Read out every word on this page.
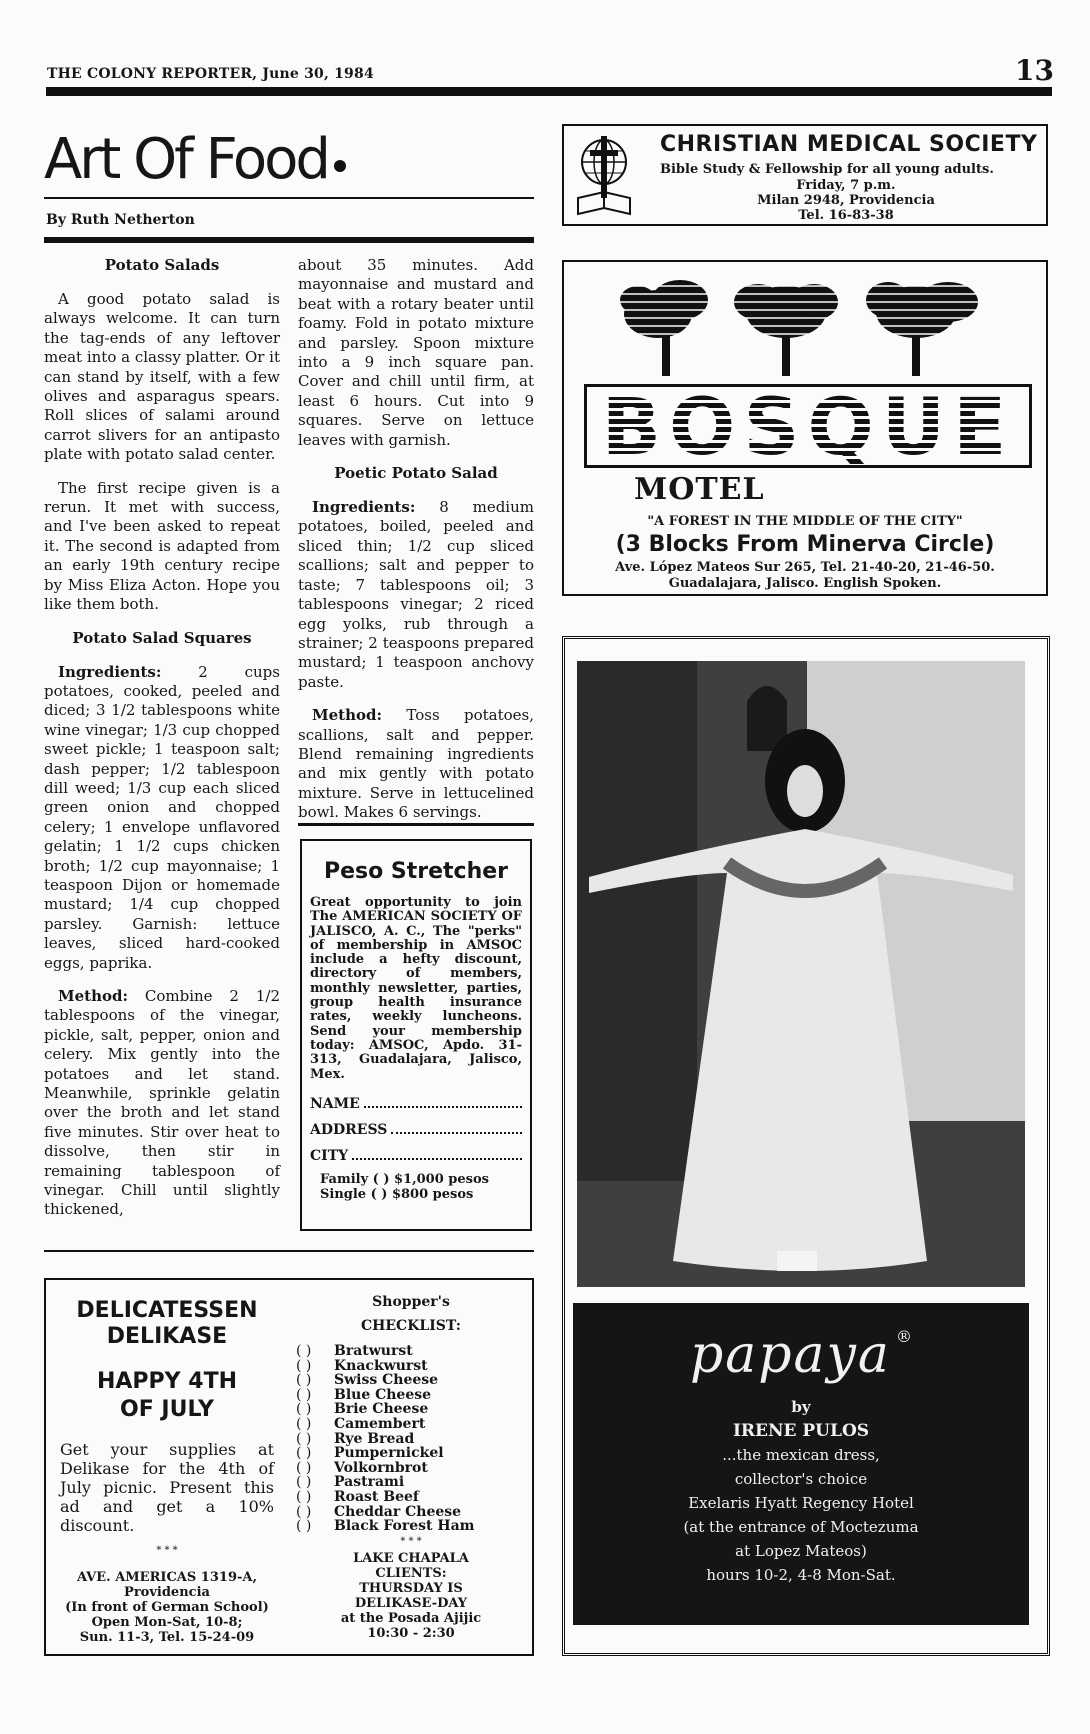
THE COLONY REPORTER, June 30, 1984	13
Art Of Food
By Ruth Netherton
Potato Salads
A good potato salad is always welcome. It can turn the tag-ends of any leftover meat into a classy platter. Or it can stand by itself, with a few olives and asparagus spears. Roll slices of salami around carrot slivers for an antipasto plate with potato salad center.
The first recipe given is a rerun. It met with success, and I've been asked to repeat it. The second is adapted from an early 19th century recipe by Miss Eliza Acton. Hope you like them both.
Potato Salad Squares
Ingredients: 2 cups potatoes, cooked, peeled and diced; 3 1/2 tablespoons white wine vinegar; 1/3 cup chopped sweet pickle; 1 teaspoon salt; dash pepper; 1/2 tablespoon dill weed; 1/3 cup each sliced green onion and chopped celery; 1 envelope unflavored gelatin; 1 1/2 cups chicken broth; 1/2 cup mayonnaise; 1 teaspoon Dijon or homemade mustard; 1/4 cup chopped parsley. Garnish: lettuce leaves, sliced hard-cooked eggs, paprika.
Method: Combine 2 1/2 tablespoons of the vinegar, pickle, salt, pepper, onion and celery. Mix gently into the potatoes and let stand. Meanwhile, sprinkle gelatin over the broth and let stand five minutes. Stir over heat to dissolve, then stir in remaining tablespoon of vinegar. Chill until slightly thickened,
about 35 minutes. Add mayonnaise and mustard and beat with a rotary beater until foamy. Fold in potato mixture and parsley. Spoon mixture into a 9 inch square pan. Cover and chill until firm, at least 6 hours. Cut into 9 squares. Serve on lettuce leaves with garnish.
Poetic Potato Salad
Ingredients: 8 medium potatoes, boiled, peeled and sliced thin; 1/2 cup sliced scallions; salt and pepper to taste; 7 tablespoons oil; 3 tablespoons vinegar; 2 riced egg yolks, rub through a strainer; 2 teaspoons prepared mustard; 1 teaspoon anchovy paste.
Method: Toss potatoes, scallions, salt and pepper. Blend remaining ingredients and mix gently with potato mixture. Serve in lettucelined bowl. Makes 6 servings.
Peso Stretcher
Great opportunity to join The AMERICAN SOCIETY OF JALISCO, A. C., The "perks" of membership in AMSOC include a hefty discount, directory of members, monthly newsletter, parties, group health insurance rates, weekly luncheons. Send your membership today: AMSOC, Apdo. 31-313, Guadalajara, Jalisco, Mex.
NAME
ADDRESS
CITY
Family ( ) $1,000 pesos
Single ( ) $800 pesos
CHRISTIAN MEDICAL SOCIETY
Bible Study & Fellowship for all young adults.
Friday, 7 p.m.
Milan 2948, Providencia
Tel. 16-83-38
BOSQUE
MOTEL
"A FOREST IN THE MIDDLE OF THE CITY"
(3 Blocks From Minerva Circle)
Ave. López Mateos Sur 265, Tel. 21-40-20, 21-46-50.
Guadalajara, Jalisco. English Spoken.
papaya ®
by
IRENE PULOS
...the mexican dress,
collector's choice
Exelaris Hyatt Regency Hotel
(at the entrance of Moctezuma
at Lopez Mateos)
hours 10-2, 4-8 Mon-Sat.
DELICATESSEN
DELIKASE
HAPPY 4TH
OF JULY
Get your supplies at Delikase for the 4th of July picnic. Present this ad and get a 10% discount.
* * *
AVE. AMERICAS 1319-A,
Providencia
(In front of German School)
Open Mon-Sat, 10-8;
Sun. 11-3, Tel. 15-24-09
Shopper's
CHECKLIST:
( ) Bratwurst
( ) Knackwurst
( ) Swiss Cheese
( ) Blue Cheese
( ) Brie Cheese
( ) Camembert
( ) Rye Bread
( ) Pumpernickel
( ) Volkornbrot
( ) Pastrami
( ) Roast Beef
( ) Cheddar Cheese
( ) Black Forest Ham
* * *
LAKE CHAPALA
CLIENTS:
THURSDAY IS
DELIKASE-DAY
at the Posada Ajijic
10:30 - 2:30
